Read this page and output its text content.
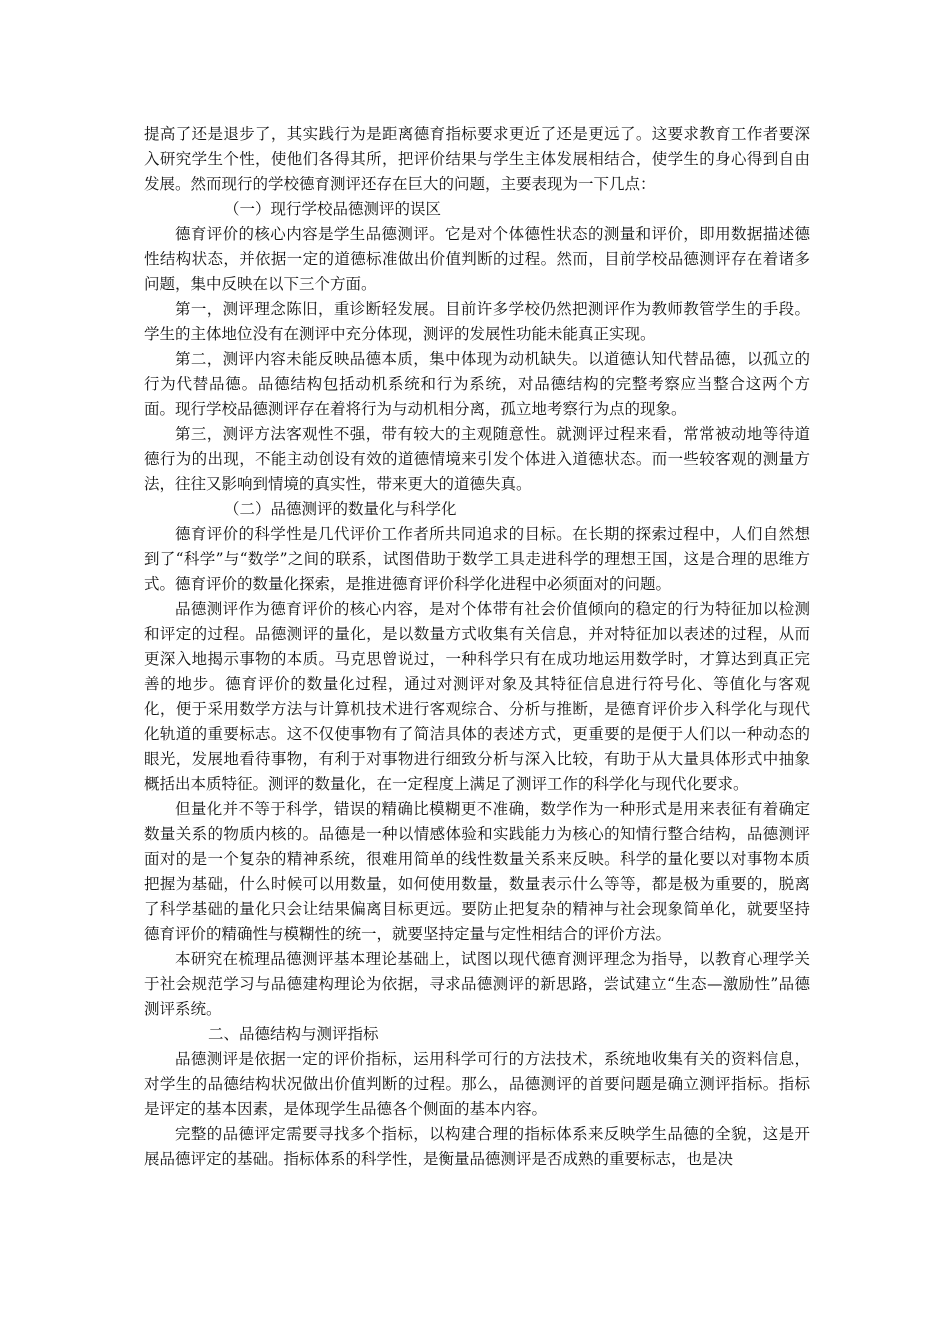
提高了还是退步了，其实践行为是距离德育指标要求更近了还是更远了。这要求教育工作者要深入研究学生个性，使他们各得其所，把评价结果与学生主体发展相结合，使学生的身心得到自由发展。然而现行的学校德育测评还存在巨大的问题，主要表现为一下几点：

（一）现行学校品德测评的误区

德育评价的核心内容是学生品德测评。它是对个体德性状态的测量和评价，即用数据描述德性结构状态，并依据一定的道德标准做出价值判断的过程。然而，目前学校品德测评存在着诸多问题，集中反映在以下三个方面。

第一，测评理念陈旧，重诊断轻发展。目前许多学校仍然把测评作为教师教管学生的手段。学生的主体地位没有在测评中充分体现，测评的发展性功能未能真正实现。

第二，测评内容未能反映品德本质，集中体现为动机缺失。以道德认知代替品德，以孤立的行为代替品德。品德结构包括动机系统和行为系统，对品德结构的完整考察应当整合这两个方面。现行学校品德测评存在着将行为与动机相分离，孤立地考察行为点的现象。

第三，测评方法客观性不强，带有较大的主观随意性。就测评过程来看，常常被动地等待道德行为的出现，不能主动创设有效的道德情境来引发个体进入道德状态。而一些较客观的测量方法，往往又影响到情境的真实性，带来更大的道德失真。

（二）品德测评的数量化与科学化

德育评价的科学性是几代评价工作者所共同追求的目标。在长期的探索过程中，人们自然想到了“科学”与“数学”之间的联系，试图借助于数学工具走进科学的理想王国，这是合理的思维方式。德育评价的数量化探索，是推进德育评价科学化进程中必须面对的问题。

品德测评作为德育评价的核心内容，是对个体带有社会价值倾向的稳定的行为特征加以检测和评定的过程。品德测评的量化，是以数量方式收集有关信息，并对特征加以表述的过程，从而更深入地揭示事物的本质。马克思曾说过，一种科学只有在成功地运用数学时，才算达到真正完善的地步。德育评价的数量化过程，通过对测评对象及其特征信息进行符号化、等值化与客观化，便于采用数学方法与计算机技术进行客观综合、分析与推断，是德育评价步入科学化与现代化轨道的重要标志。这不仅使事物有了简洁具体的表述方式，更重要的是便于人们以一种动态的眼光，发展地看待事物，有利于对事物进行细致分析与深入比较，有助于从大量具体形式中抽象概括出本质特征。测评的数量化，在一定程度上满足了测评工作的科学化与现代化要求。

但量化并不等于科学，错误的精确比模糊更不准确，数学作为一种形式是用来表征有着确定数量关系的物质内核的。品德是一种以情感体验和实践能力为核心的知情行整合结构，品德测评面对的是一个复杂的精神系统，很难用简单的线性数量关系来反映。科学的量化要以对事物本质把握为基础，什么时候可以用数量，如何使用数量，数量表示什么等等，都是极为重要的，脱离了科学基础的量化只会让结果偏离目标更远。要防止把复杂的精神与社会现象简单化，就要坚持德育评价的精确性与模糊性的统一，就要坚持定量与定性相结合的评价方法。

本研究在梳理品德测评基本理论基础上，试图以现代德育测评理念为指导，以教育心理学关于社会规范学习与品德建构理论为依据，寻求品德测评的新思路，尝试建立“生态—激励性”品德测评系统。

二、品德结构与测评指标

品德测评是依据一定的评价指标，运用科学可行的方法技术，系统地收集有关的资料信息，对学生的品德结构状况做出价值判断的过程。那么，品德测评的首要问题是确立测评指标。指标是评定的基本因素，是体现学生品德各个侧面的基本内容。

完整的品德评定需要寻找多个指标，以构建合理的指标体系来反映学生品德的全貌，这是开展品德评定的基础。指标体系的科学性，是衡量品德测评是否成熟的重要标志，也是决
